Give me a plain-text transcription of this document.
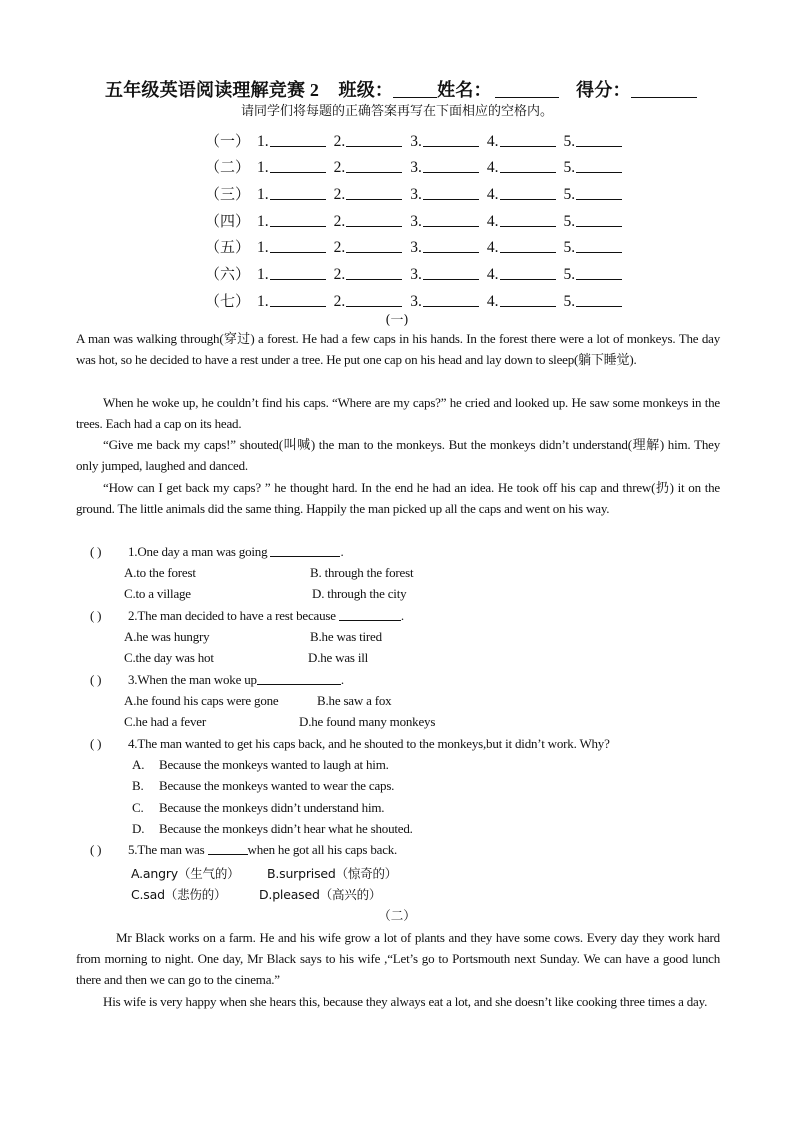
五年级英语阅读理解竞赛 2 班级： 姓名：	得分：
请同学们将每题的正确答案再写在下面相应的空格内。
（一） 1.	2.	3.	4.	5.
（二） 1.	2.	3.	4.	5.
（三） 1.	2.	3.	4.	5.
（四） 1.	2.	3.	4.	5.
（五） 1.	2.	3.	4.	5.
（六） 1.	2.	3.	4.	5.
（七） 1.	2.	3.	4.	5.
(一)
A man was walking through(穿过) a forest. He had a few caps in his hands. In the forest there were a lot of monkeys. The day was hot, so he decided to have a rest under a tree. He put one cap on his head and lay down to sleep(躺下睡觉).
When he woke up, he couldn’t find his caps. “Where are my caps?” he cried and looked up. He saw some monkeys in the trees. Each had a cap on its head.
“Give me back my caps!” shouted(叫喊) the man to the monkeys. But the monkeys didn’t understand(理解) him. They only jumped, laughed and danced.
“How can I get back my caps? ” he thought hard. In the end he had an idea. He took off his cap and threw(扔) it on the ground. The little animals did the same thing. Happily the man picked up all the caps and went on his way.
( ) 1.One day a man was going	.
A.to the forest	B. through the forest
C.to a village	D. through the city
( ) 2.The man decided to have a rest because	.
A.he was hungry	B.he was tired
C.the day was hot	D.he was ill
( ) 3.When the man woke up	.
A.he found his caps were gone	B.he saw a fox
C.he had a fever	D.he found many monkeys
( ) 4.The man wanted to get his caps back, and he shouted to the monkeys,but it didn’t work. Why?
A. Because the monkeys wanted to laugh at him.
B. Because the monkeys wanted to wear the caps.
C. Because the monkeys didn’t understand him.
D. Because the monkeys didn’t hear what he shouted.
( ) 5.The man was	when he got all his caps back.
A.angry（生气的） B.surprised（惊奇的）
C.sad（悲伤的）	D.pleased（高兴的）
（二）
Mr Black works on a farm. He and his wife grow a lot of plants and they have some cows. Every day they work hard from morning to night. One day, Mr Black says to his wife ,“Let’s go to Portsmouth next Sunday. We can have a good lunch there and then we can go to the cinema.”
His wife is very happy when she hears this, because they always eat a lot, and she doesn’t like cooking three times a day.
